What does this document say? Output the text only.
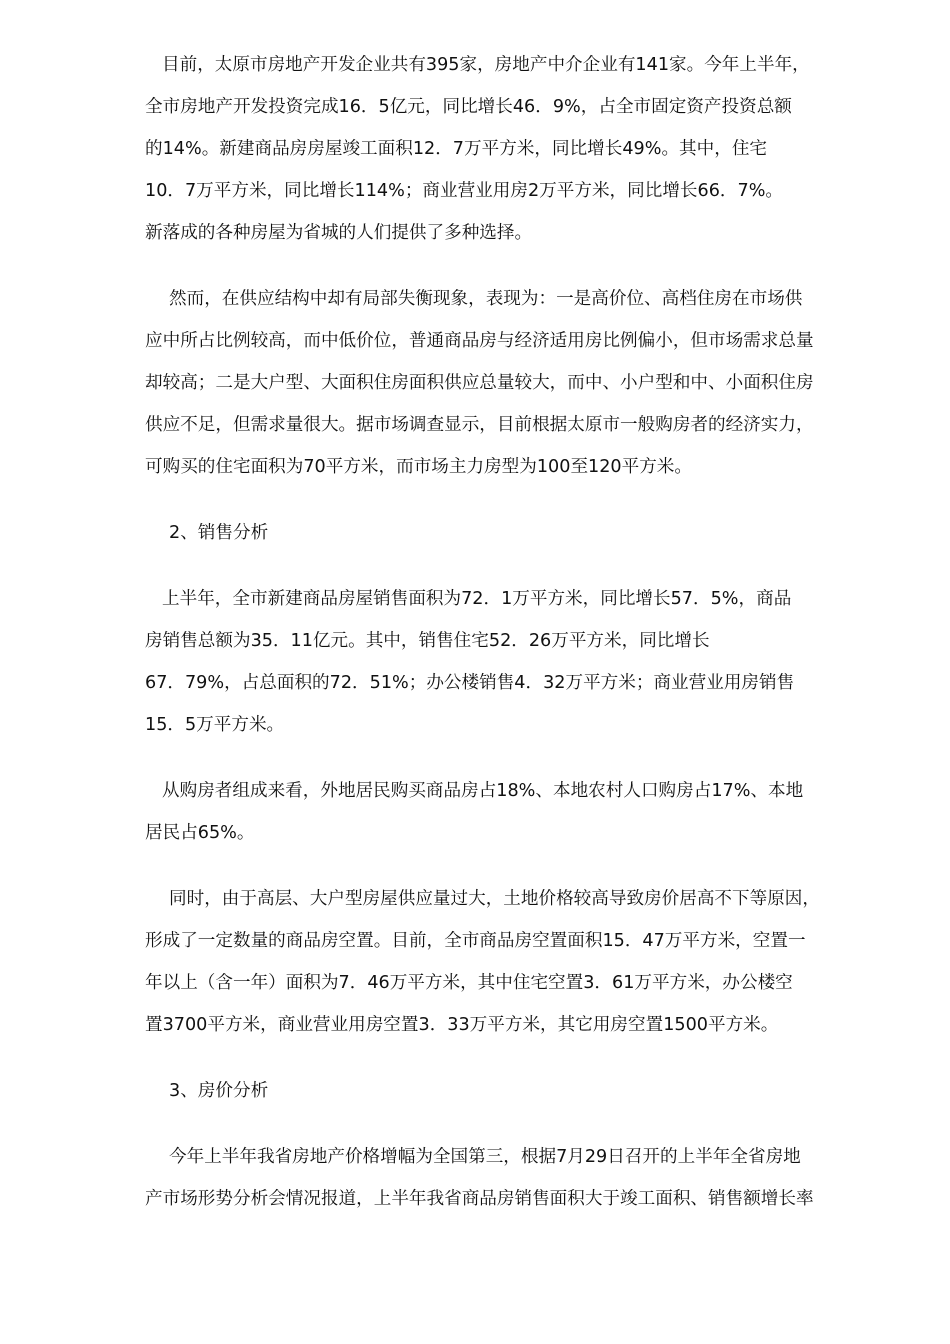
目前，太原市房地产开发企业共有395家，房地产中介企业有141家。今年上半年，
全市房地产开发投资完成16．5亿元，同比增长46．9%，占全市固定资产投资总额
的14%。新建商品房房屋竣工面积12．7万平方米，同比增长49%。其中，住宅
10．7万平方米，同比增长114%；商业营业用房2万平方米，同比增长66．7%。
新落成的各种房屋为省城的人们提供了多种选择。
然而，在供应结构中却有局部失衡现象，表现为：一是高价位、高档住房在市场供
应中所占比例较高，而中低价位，普通商品房与经济适用房比例偏小，但市场需求总量
却较高；二是大户型、大面积住房面积供应总量较大，而中、小户型和中、小面积住房
供应不足，但需求量很大。据市场调查显示，目前根据太原市一般购房者的经济实力，
可购买的住宅面积为70平方米，而市场主力房型为100至120平方米。
2、销售分析
上半年，全市新建商品房屋销售面积为72．1万平方米，同比增长57．5%，商品
房销售总额为35．11亿元。其中，销售住宅52．26万平方米，同比增长
67．79%，占总面积的72．51%；办公楼销售4．32万平方米；商业营业用房销售
15．5万平方米。
从购房者组成来看，外地居民购买商品房占18%、本地农村人口购房占17%、本地
居民占65%。
同时，由于高层、大户型房屋供应量过大，土地价格较高导致房价居高不下等原因，
形成了一定数量的商品房空置。目前，全市商品房空置面积15．47万平方米，空置一
年以上（含一年）面积为7．46万平方米，其中住宅空置3．61万平方米，办公楼空
置3700平方米，商业营业用房空置3．33万平方米，其它用房空置1500平方米。
3、房价分析
今年上半年我省房地产价格增幅为全国第三，根据7月29日召开的上半年全省房地
产市场形势分析会情况报道，上半年我省商品房销售面积大于竣工面积、销售额增长率
